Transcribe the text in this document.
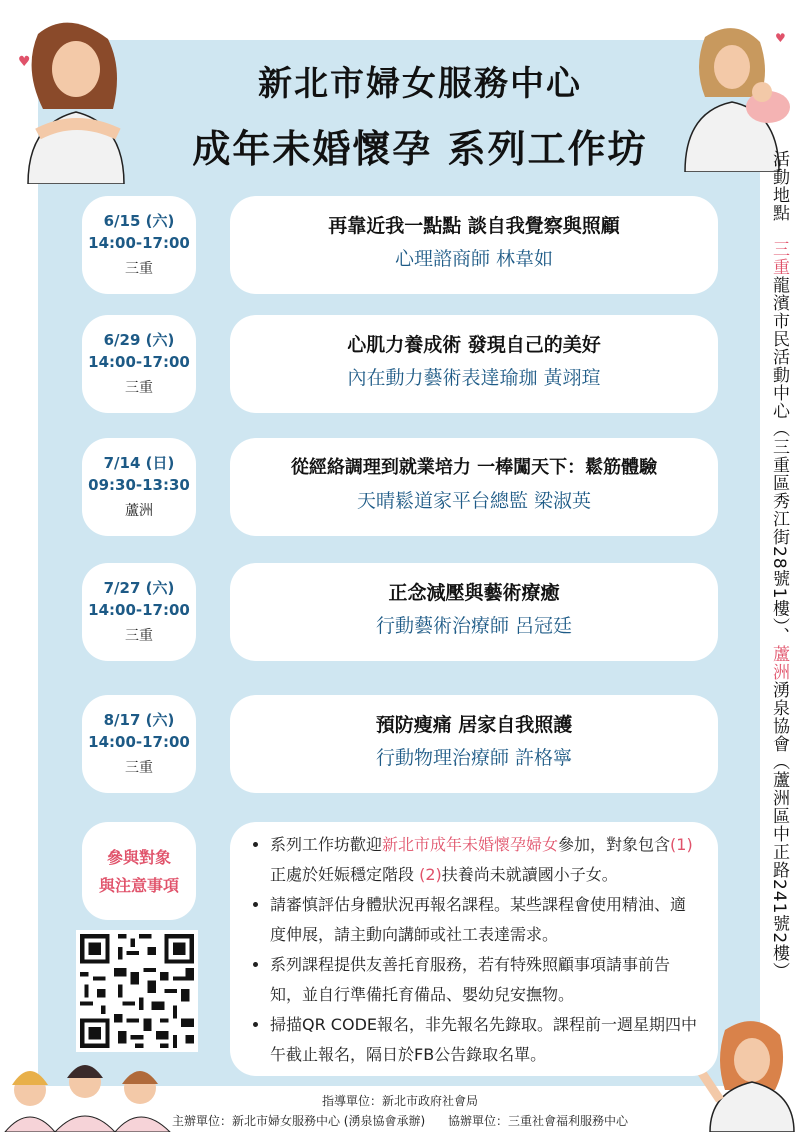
♥
♥
新北市婦女服務中心
成年未婚懷孕 系列工作坊
6/15 (六)
14:00-17:00
三重
再靠近我一點點 談自我覺察與照顧
心理諮商師 林韋如
6/29 (六)
14:00-17:00
三重
心肌力養成術 發現自己的美好
內在動力藝術表達瑜珈 黃翊瑄
7/14 (日)
09:30-13:30
蘆洲
從經絡調理到就業培力 一棒闖天下：鬆筋體驗
天晴鬆道家平台總監 梁淑英
7/27 (六)
14:00-17:00
三重
正念減壓與藝術療癒
行動藝術治療師 呂冠廷
8/17 (六)
14:00-17:00
三重
預防瘦痛 居家自我照護
行動物理治療師 許格寧
參與對象
與注意事項
• 系列工作坊歡迎新北市成年未婚懷孕婦女參加，對象包含(1)正處於妊娠穩定階段 (2)扶養尚未就讀國小子女。
• 請審慎評估身體狀況再報名課程。某些課程會使用精油、適度伸展，請主動向講師或社工表達需求。
• 系列課程提供友善托育服務，若有特殊照顧事項請事前告知，並自行準備托育備品、嬰幼兒安撫物。
• 掃描QR CODE報名，非先報名先錄取。課程前一週星期四中午截止報名，隔日於FB公告錄取名單。
活動地點　三重龍濱市民活動中心（三重區秀江街28號1樓）、蘆洲湧泉協會（蘆洲區中正路241號2樓）
指導單位：新北市政府社會局
主辦單位：新北市婦女服務中心 (湧泉協會承辦)      協辦單位：三重社會福利服務中心
